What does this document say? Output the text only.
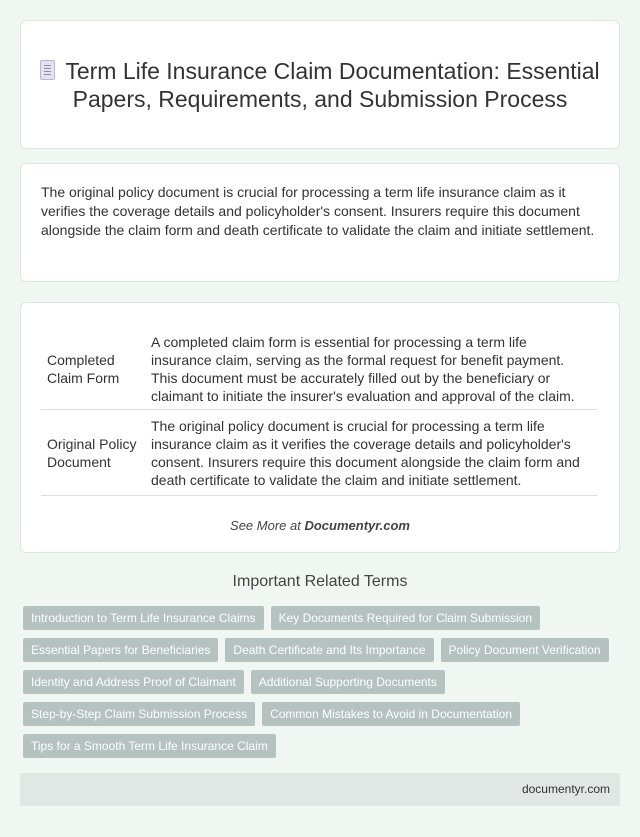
Term Life Insurance Claim Documentation: Essential Papers, Requirements, and Submission Process

The original policy document is crucial for processing a term life insurance claim as it verifies the coverage details and policyholder's consent. Insurers require this document alongside the claim form and death certificate to validate the claim and initiate settlement.

Completed Claim Form	A completed claim form is essential for processing a term life insurance claim, serving as the formal request for benefit payment. This document must be accurately filled out by the beneficiary or claimant to initiate the insurer's evaluation and approval of the claim.
Original Policy Document	The original policy document is crucial for processing a term life insurance claim as it verifies the coverage details and policyholder's consent. Insurers require this document alongside the claim form and death certificate to validate the claim and initiate settlement.
See More at Documentyr.com
Important Related Terms
Introduction to Term Life Insurance Claims	Key Documents Required for Claim Submission
Essential Papers for Beneficiaries	Death Certificate and Its Importance	Policy Document Verification
Identity and Address Proof of Claimant	Additional Supporting Documents
Step-by-Step Claim Submission Process	Common Mistakes to Avoid in Documentation
Tips for a Smooth Term Life Insurance Claim
documentyr.com
